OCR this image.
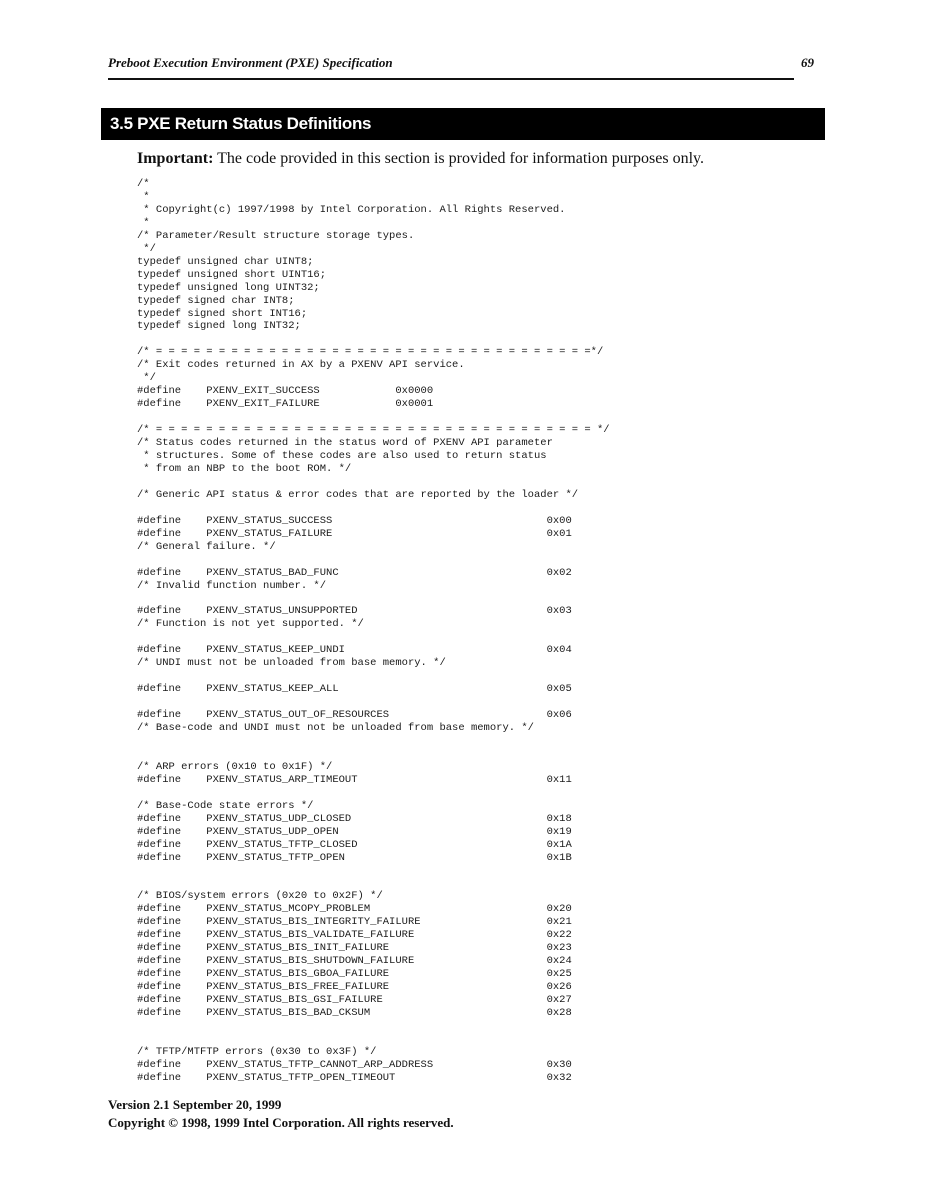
Preboot Execution Environment (PXE) Specification	69
3.5 PXE Return Status Definitions
Important: The code provided in this section is provided for information purposes only.
/*
*
* Copyright(c) 1997/1998 by Intel Corporation. All Rights Reserved.
*
/* Parameter/Result structure storage types.
*/
typedef unsigned char UINT8;
typedef unsigned short UINT16;
typedef unsigned long UINT32;
typedef signed char INT8;
typedef signed short INT16;
typedef signed long INT32;

/* = = = = = = = = = = = = = = = = = = = = = = = = = = = = = = = = = = =*/
/* Exit codes returned in AX by a PXENV API service.
*/
#define    PXENV_EXIT_SUCCESS            0x0000
#define    PXENV_EXIT_FAILURE            0x0001

/* = = = = = = = = = = = = = = = = = = = = = = = = = = = = = = = = = = = */
/* Status codes returned in the status word of PXENV API parameter
* structures. Some of these codes are also used to return status
* from an NBP to the boot ROM. */

/* Generic API status & error codes that are reported by the loader */

#define    PXENV_STATUS_SUCCESS                                  0x00
#define    PXENV_STATUS_FAILURE                                  0x01
/* General failure. */

#define    PXENV_STATUS_BAD_FUNC                                 0x02
/* Invalid function number. */

#define    PXENV_STATUS_UNSUPPORTED                              0x03
/* Function is not yet supported. */

#define    PXENV_STATUS_KEEP_UNDI                                0x04
/* UNDI must not be unloaded from base memory. */

#define    PXENV_STATUS_KEEP_ALL                                 0x05

#define    PXENV_STATUS_OUT_OF_RESOURCES                         0x06
/* Base-code and UNDI must not be unloaded from base memory. */

/* ARP errors (0x10 to 0x1F) */
#define    PXENV_STATUS_ARP_TIMEOUT                              0x11

/* Base-Code state errors */
#define    PXENV_STATUS_UDP_CLOSED                               0x18
#define    PXENV_STATUS_UDP_OPEN                                 0x19
#define    PXENV_STATUS_TFTP_CLOSED                              0x1A
#define    PXENV_STATUS_TFTP_OPEN                                0x1B

/* BIOS/system errors (0x20 to 0x2F) */
#define    PXENV_STATUS_MCOPY_PROBLEM                            0x20
#define    PXENV_STATUS_BIS_INTEGRITY_FAILURE                    0x21
#define    PXENV_STATUS_BIS_VALIDATE_FAILURE                     0x22
#define    PXENV_STATUS_BIS_INIT_FAILURE                         0x23
#define    PXENV_STATUS_BIS_SHUTDOWN_FAILURE                     0x24
#define    PXENV_STATUS_BIS_GBOA_FAILURE                         0x25
#define    PXENV_STATUS_BIS_FREE_FAILURE                         0x26
#define    PXENV_STATUS_BIS_GSI_FAILURE                          0x27
#define    PXENV_STATUS_BIS_BAD_CKSUM                            0x28

/* TFTP/MTFTP errors (0x30 to 0x3F) */
#define    PXENV_STATUS_TFTP_CANNOT_ARP_ADDRESS                  0x30
#define    PXENV_STATUS_TFTP_OPEN_TIMEOUT                        0x32
Version 2.1 September 20, 1999
Copyright © 1998, 1999 Intel Corporation. All rights reserved.
